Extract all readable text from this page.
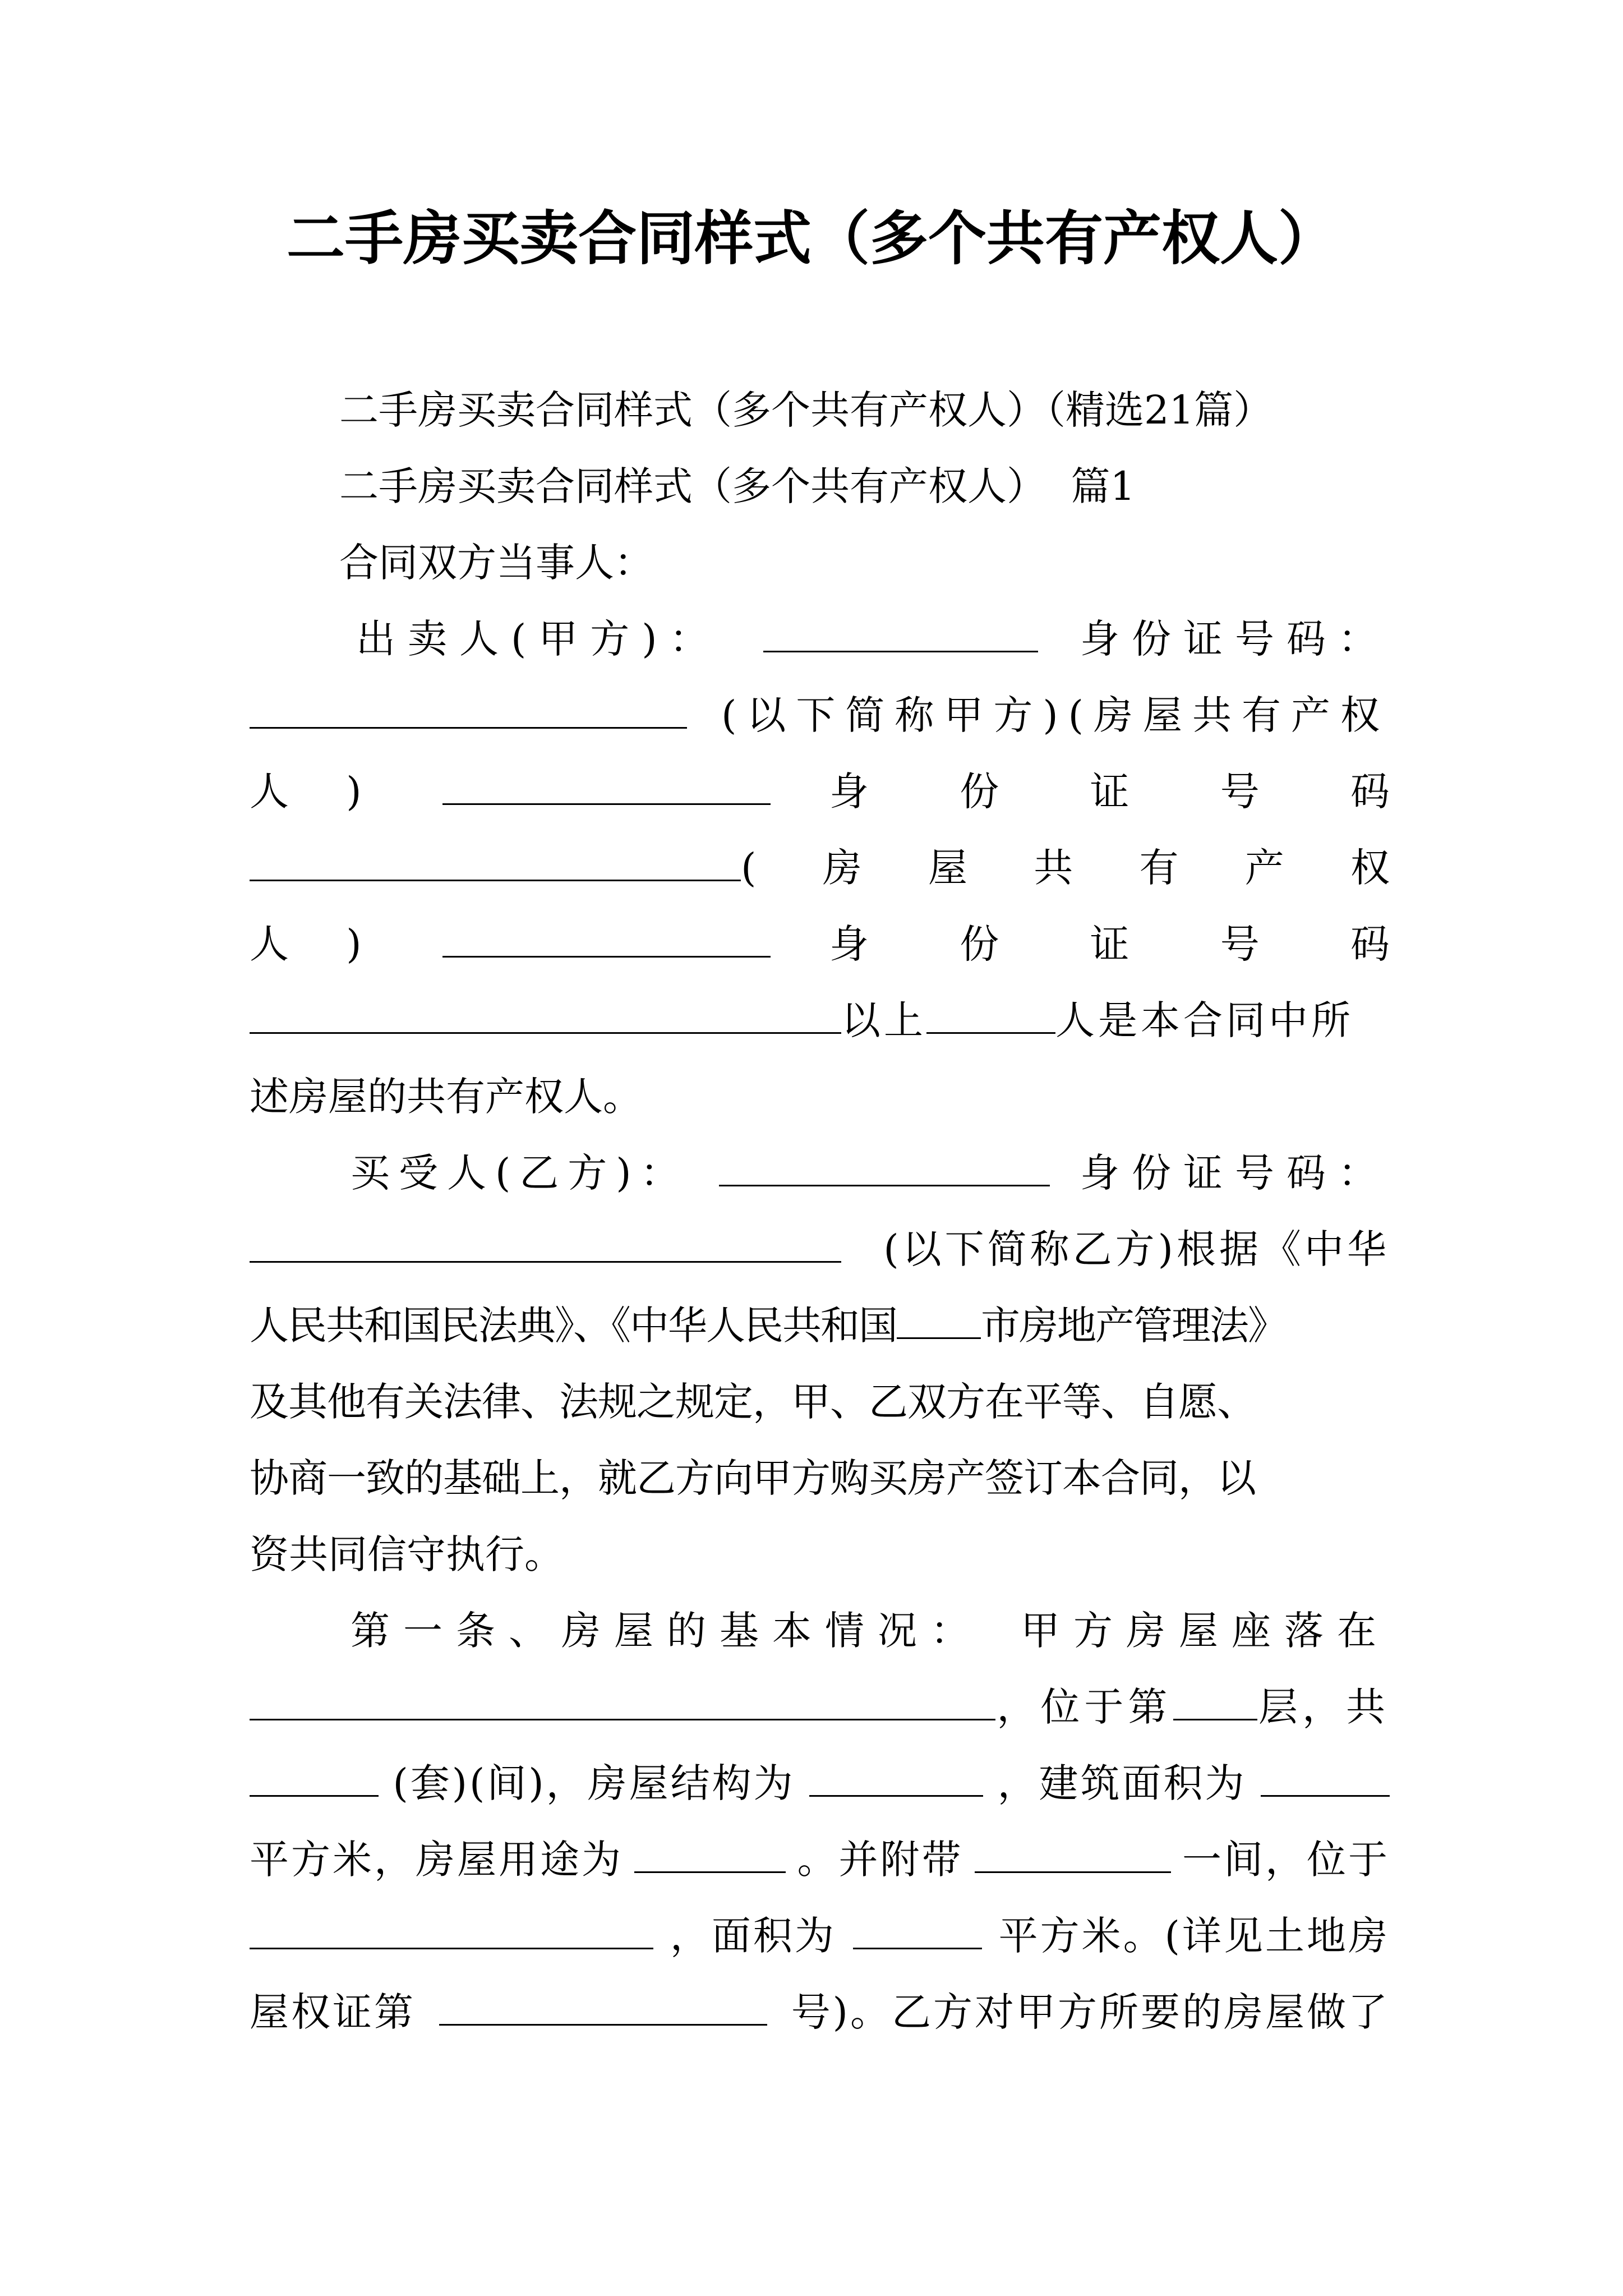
二手房买卖合同样式（多个共有产权人）
二手房买卖合同样式（多个共有产权人）（精选21篇）
二手房买卖合同样式（多个共有产权人）  篇1
合同双方当事人：
出卖人(甲方)：	身份证号码：
(以下简称甲方)(房屋共有产权
人 )	身 份 证 号 码
( 房 屋 共 有 产 权
人 )	身 份 证 号 码
以上	人是本合同中所
述房屋的共有产权人。
买受人(乙方)：	身份证号码：
(以下简称乙方)根据《中华
人民共和国民法典》、《中华人民共和国 市房地产管理法》
及其他有关法律、法规之规定，甲、乙双方在平等、自愿、
协商一致的基础上，就乙方向甲方购买房产签订本合同，以
资共同信守执行。
第一条、房屋的基本情况： 甲方房屋座落在
，位于第 层，共
(套)(间)，房屋结构为	，建筑面积为
平方米，房屋用途为	。并附带	一间，位于
，面积为	平方米。(详见土地房
屋权证第	号)。乙方对甲方所要的房屋做了
